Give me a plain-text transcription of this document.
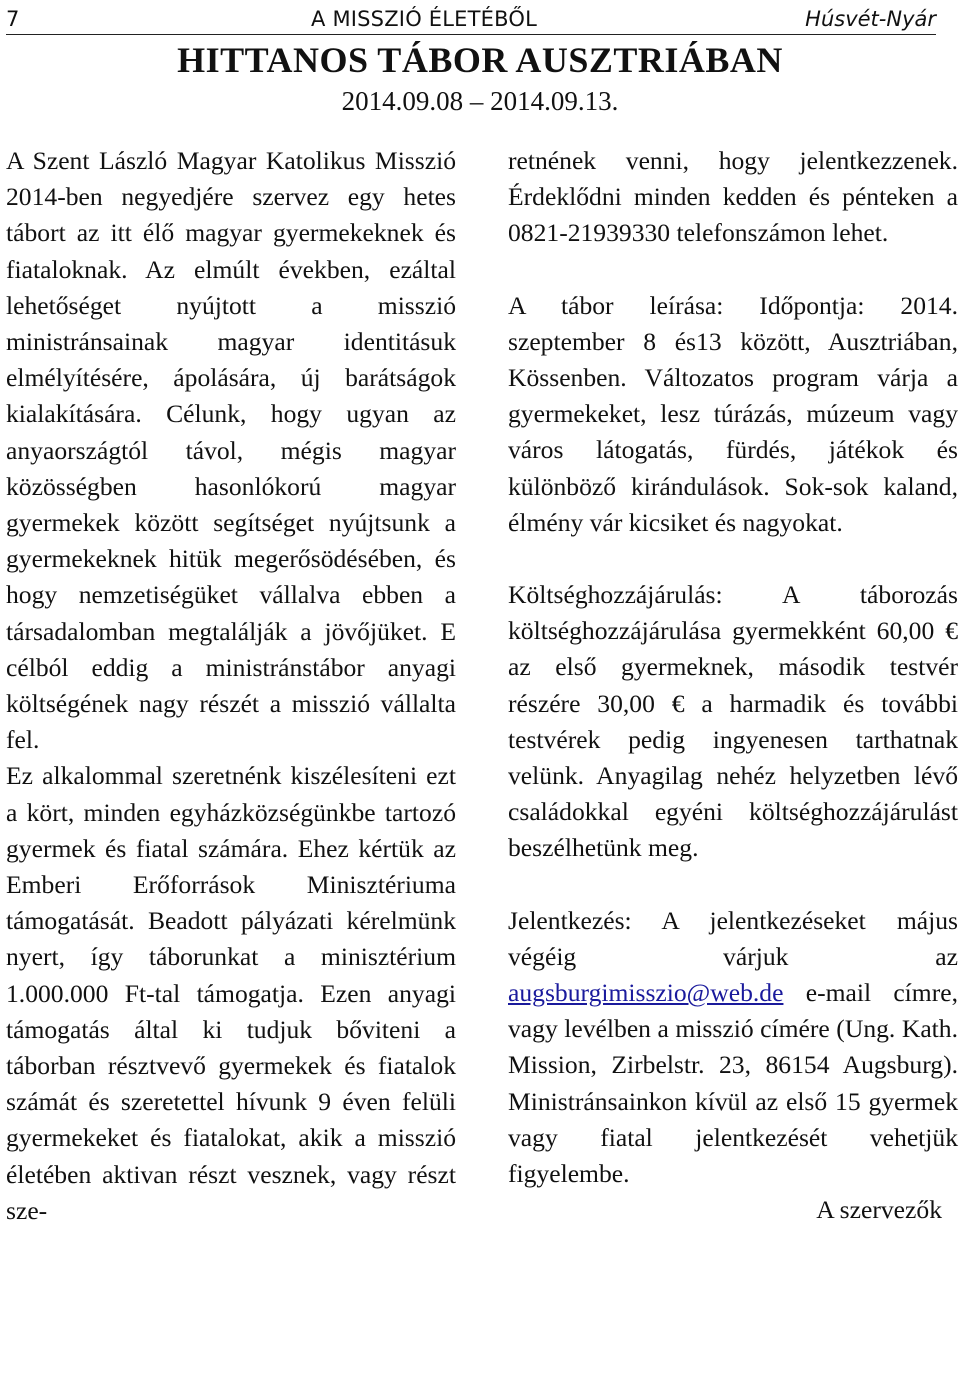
7	A MISSZIÓ ÉLETÉBŐL	Húsvét-Nyár
HITTANOS TÁBOR AUSZTRIÁBAN
2014.09.08 – 2014.09.13.

A Szent László Magyar Katolikus Misszió 2014-ben negyedjére szervez egy hetes tábort az itt élő magyar gyermekeknek és fiataloknak. Az elmúlt években, ezáltal lehetőséget nyújtott a misszió ministránsainak magyar identitásuk elmélyítésére, ápolására, új barátságok kialakítására. Célunk, hogy ugyan az anyaországtól távol, mégis magyar közösségben hasonlókorú magyar gyermekek között segítséget nyújtsunk a gyermekeknek hitük megerősödésében, és hogy nemzetiségüket vállalva ebben a társadalomban megtalálják a jövőjüket. E célból eddig a ministránstábor anyagi költségének nagy részét a misszió vállalta fel.

Ez alkalommal szeretnénk kiszélesíteni ezt a kört, minden egyházközségünkbe tartozó gyermek és fiatal számára. Ehez kértük az Emberi Erőforrások Minisztériuma támogatását. Beadott pályázati kérelmünk nyert, így táborunkat a minisztérium 1.000.000 Ft-tal támogatja. Ezen anyagi támogatás által ki tudjuk bőviteni a táborban résztvevő gyermekek és fiatalok számát és szeretettel hívunk 9 éven felüli gyermekeket és fiatalokat, akik a misszió életében aktivan részt vesznek, vagy részt sze-

retnének venni, hogy jelentkezzenek. Érdeklődni minden kedden és pénteken a 0821-21939330 telefonszámon lehet.

A tábor leírása: Időpontja: 2014. szeptember 8 és13 között, Ausztriában, Kössenben. Változatos program várja a gyermekeket, lesz túrázás, múzeum vagy város látogatás, fürdés, játékok és különböző kirándulások. Sok-sok kaland, élmény vár kicsiket és nagyokat.

Költséghozzájárulás: A táborozás költséghozzájárulása gyermekként 60,00 € az első gyermeknek, második testvér részére 30,00 € a harmadik és további testvérek pedig ingyenesen tarthatnak velünk. Anyagilag nehéz helyzetben lévő családokkal egyéni költséghozzájárulást beszélhetünk meg.

Jelentkezés: A jelentkezéseket május végéig várjuk az augsburgimisszio@web.de e-mail címre, vagy levélben a misszió címére (Ung. Kath. Mission, Zirbelstr. 23, 86154 Augsburg). Ministránsainkon kívül az első 15 gyermek vagy fiatal jelentkezését vehetjük figyelembe.

A szervezők
